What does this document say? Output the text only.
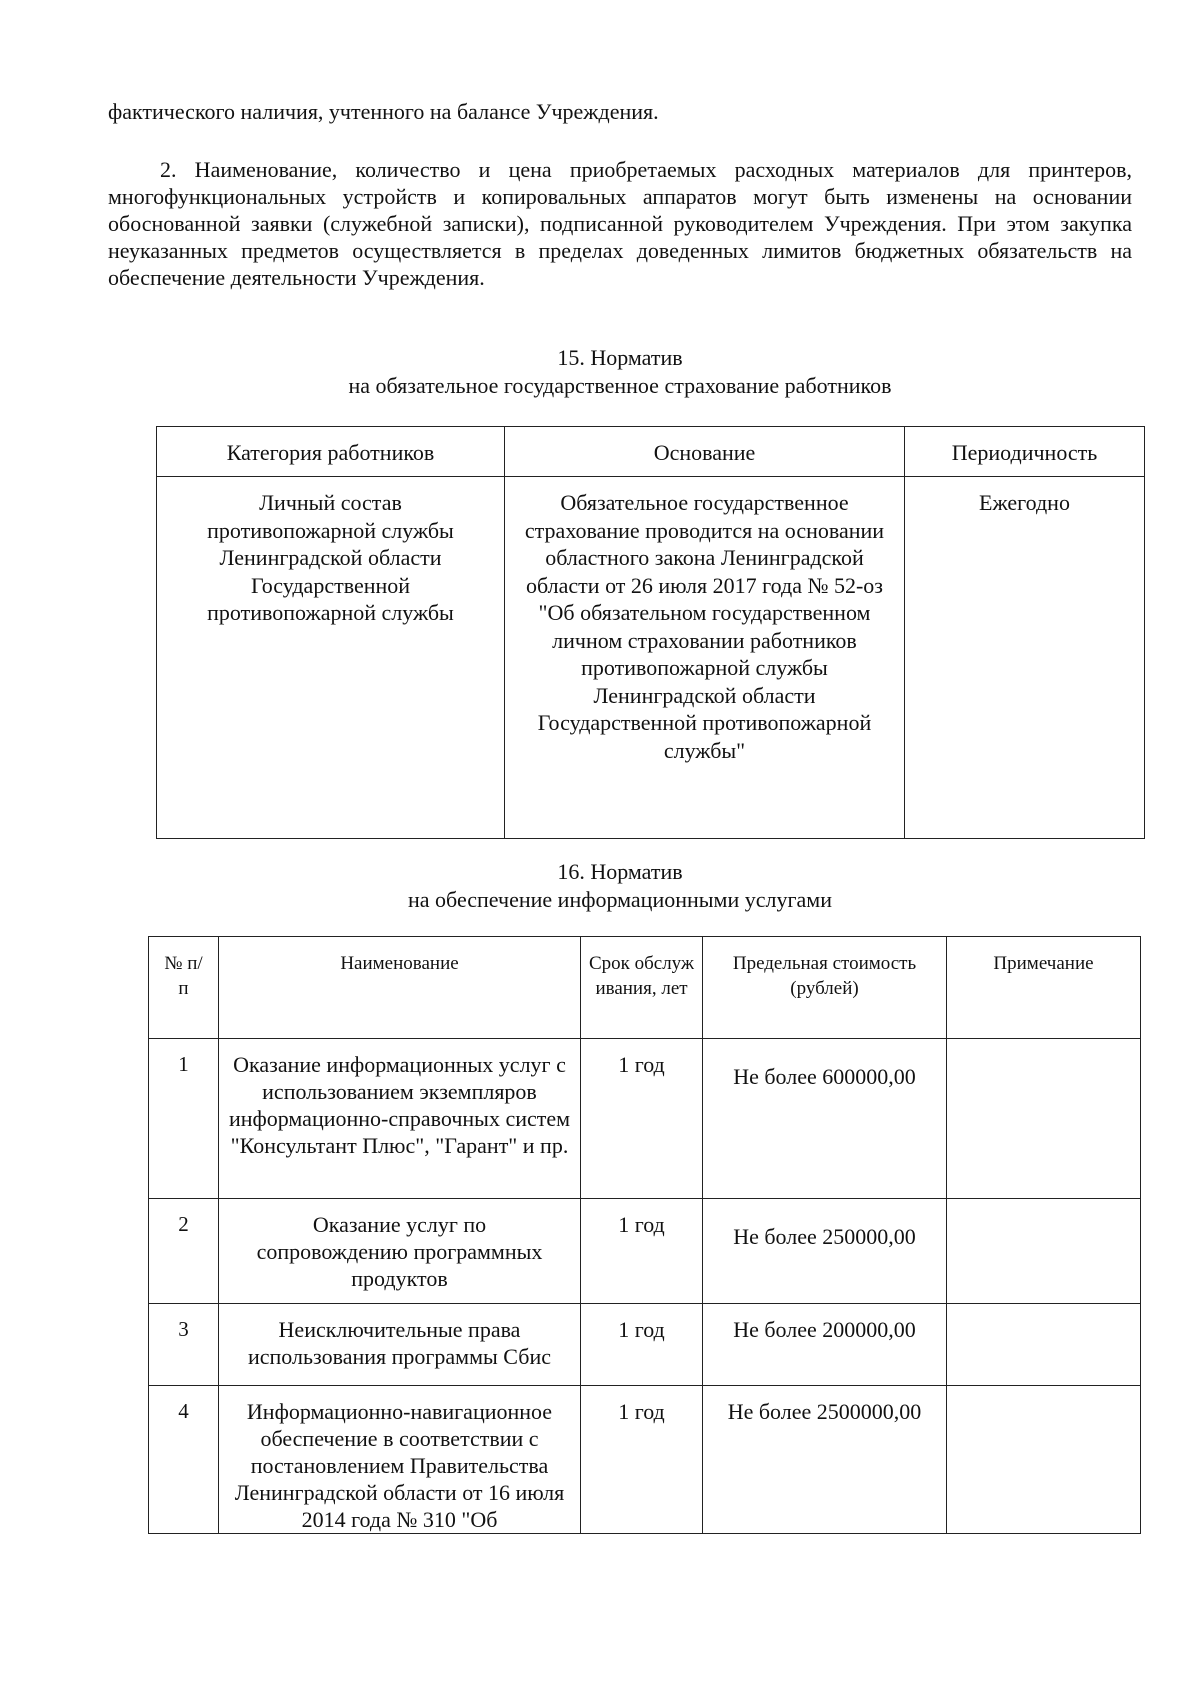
фактического наличия, учтенного на балансе Учреждения.

2. Наименование, количество и цена приобретаемых расходных материалов для принтеров, многофункциональных устройств и копировальных аппаратов могут быть изменены на основании обоснованной заявки (служебной записки), подписанной руководителем Учреждения. При этом закупка неуказанных предметов осуществляется в пределах доведенных лимитов бюджетных обязательств на обеспечение деятельности Учреждения.

15. Норматив
на обязательное государственное страхование работников
Категория работников	Основание	Периодичность
Личный состав противопожарной службы Ленинградской области Государственной противопожарной службы	Обязательное государственное страхование проводится на основании областного закона Ленинградской области от 26 июля 2017 года № 52-оз "Об обязательном государственном личном страховании работников противопожарной службы Ленинградской области Государственной противопожарной службы"	Ежегодно
16. Норматив
на обеспечение информационными услугами
№ п/п	Наименование	Срок обслуживания, лет	Предельная стоимость (рублей)	Примечание
1	Оказание информационных услуг с использованием экземпляров информационно-справочных систем "Консультант Плюс", "Гарант" и пр.	1 год	Не более 600000,00	
2	Оказание услуг по сопровождению программных продуктов	1 год	Не более 250000,00	
3	Неисключительные права использования программы Сбис	1 год	Не более 200000,00	
4	Информационно-навигационное обеспечение в соответствии с постановлением Правительства Ленинградской области от 16 июля 2014 года № 310 "Об	1 год	Не более 2500000,00	
